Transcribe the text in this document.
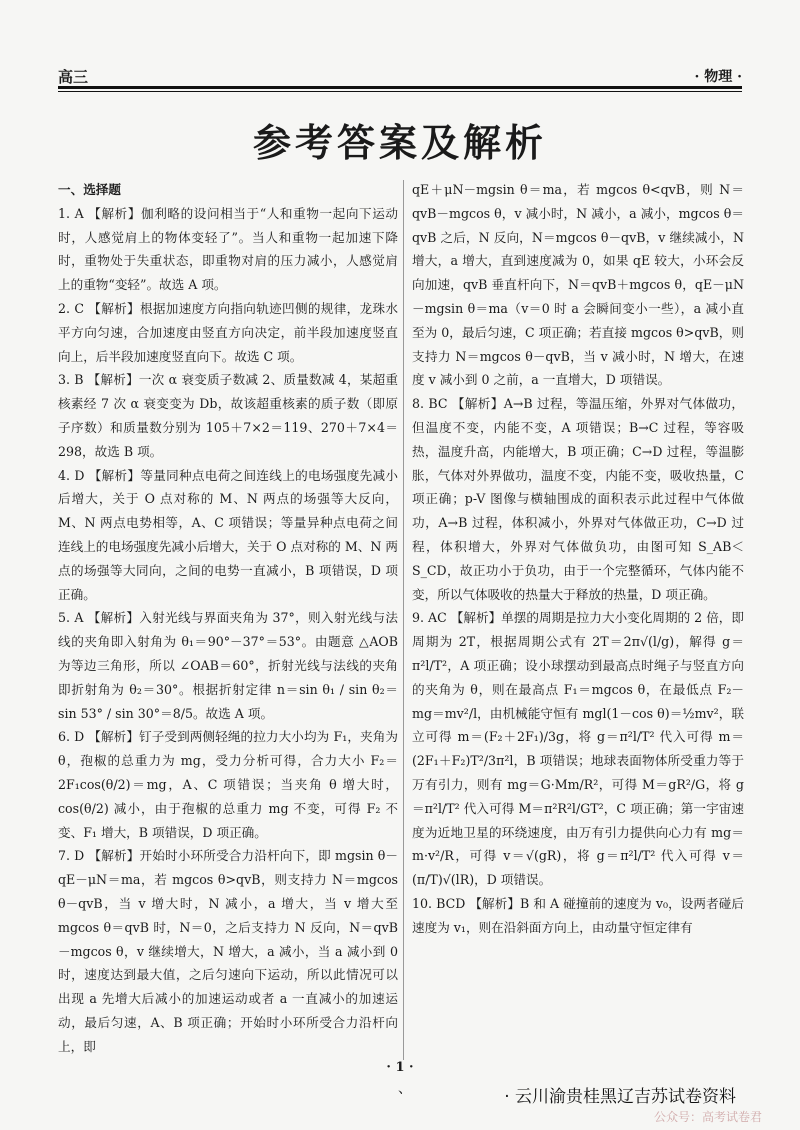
高三	· 物理 ·
参考答案及解析

一、选择题

1. A 【解析】伽利略的设问相当于“人和重物一起向下运动时，人感觉肩上的物体变轻了”。当人和重物一起加速下降时，重物处于失重状态，即重物对肩的压力减小，人感觉肩上的重物“变轻”。故选 A 项。

2. C 【解析】根据加速度方向指向轨迹凹侧的规律，龙珠水平方向匀速，合加速度由竖直方向决定，前半段加速度竖直向上，后半段加速度竖直向下。故选 C 项。

3. B 【解析】一次 α 衰变质子数减 2、质量数减 4，某超重核素经 7 次 α 衰变变为 Db，故该超重核素的质子数（即原子序数）和质量数分别为 105＋7×2＝119、270＋7×4＝298，故选 B 项。

4. D 【解析】等量同种点电荷之间连线上的电场强度先减小后增大，关于 O 点对称的 M、N 两点的场强等大反向，M、N 两点电势相等，A、C 项错误；等量异种点电荷之间连线上的电场强度先减小后增大，关于 O 点对称的 M、N 两点的场强等大同向，之间的电势一直减小，B 项错误，D 项正确。

5. A 【解析】入射光线与界面夹角为 37°，则入射光线与法线的夹角即入射角为 θ₁＝90°－37°＝53°。由题意 △AOB 为等边三角形，所以 ∠OAB＝60°，折射光线与法线的夹角即折射角为 θ₂＝30°。根据折射定律 n＝sin θ₁ / sin θ₂＝sin 53° / sin 30°＝8/5。故选 A 项。

6. D 【解析】钉子受到两侧轻绳的拉力大小均为 F₁，夹角为 θ，孢椒的总重力为 mg，受力分析可得，合力大小 F₂＝2F₁cos(θ/2)＝mg，A、C 项错误；当夹角 θ 增大时，cos(θ/2) 减小，由于孢椒的总重力 mg 不变，可得 F₂ 不变、F₁ 增大，B 项错误，D 项正确。

7. D 【解析】开始时小环所受合力沿杆向下，即 mgsin θ－qE－μN＝ma，若 mgcos θ>qvB，则支持力 N＝mgcos θ－qvB，当 v 增大时，N 减小，a 增大，当 v 增大至 mgcos θ＝qvB 时，N＝0，之后支持力 N 反向，N＝qvB－mgcos θ，v 继续增大，N 增大，a 减小，当 a 减小到 0 时，速度达到最大值，之后匀速向下运动，所以此情况可以出现 a 先增大后减小的加速运动或者 a 一直减小的加速运动，最后匀速，A、B 项正确；开始时小环所受合力沿杆向上，即

qE＋μN－mgsin θ＝ma，若 mgcos θ<qvB，则 N＝qvB－mgcos θ，v 减小时，N 减小，a 减小，mgcos θ＝qvB 之后，N 反向，N＝mgcos θ－qvB，v 继续减小，N 增大，a 增大，直到速度减为 0，如果 qE 较大，小环会反向加速，qvB 垂直杆向下，N＝qvB＋mgcos θ，qE－μN－mgsin θ＝ma（v＝0 时 a 会瞬间变小一些），a 减小直至为 0，最后匀速，C 项正确；若直接 mgcos θ>qvB，则支持力 N＝mgcos θ－qvB，当 v 减小时，N 增大，在速度 v 减小到 0 之前，a 一直增大，D 项错误。

8. BC 【解析】A→B 过程，等温压缩，外界对气体做功，但温度不变，内能不变，A 项错误；B→C 过程，等容吸热，温度升高，内能增大，B 项正确；C→D 过程，等温膨胀，气体对外界做功，温度不变，内能不变，吸收热量，C 项正确；p-V 图像与横轴围成的面积表示此过程中气体做功，A→B 过程，体积减小，外界对气体做正功，C→D 过程，体积增大，外界对气体做负功，由图可知 S_AB＜S_CD，故正功小于负功，由于一个完整循环，气体内能不变，所以气体吸收的热量大于释放的热量，D 项正确。

9. AC 【解析】单摆的周期是拉力大小变化周期的 2 倍，即周期为 2T，根据周期公式有 2T＝2π√(l/g)，解得 g＝π²l/T²，A 项正确；设小球摆动到最高点时绳子与竖直方向的夹角为 θ，则在最高点 F₁＝mgcos θ，在最低点 F₂－mg＝mv²/l，由机械能守恒有 mgl(1－cos θ)＝½mv²，联立可得 m＝(F₂＋2F₁)/3g，将 g＝π²l/T² 代入可得 m＝(2F₁＋F₂)T²/3π²l，B 项错误；地球表面物体所受重力等于万有引力，则有 mg＝G·Mm/R²，可得 M＝gR²/G，将 g＝π²l/T² 代入可得 M＝π²R²l/GT²，C 项正确；第一宇宙速度为近地卫星的环绕速度，由万有引力提供向心力有 mg＝m·v²/R，可得 v＝√(gR)，将 g＝π²l/T² 代入可得 v＝(π/T)√(lR)，D 项错误。

10. BCD 【解析】B 和 A 碰撞前的速度为 v₀，设两者碰后速度为 v₁，则在沿斜面方向上，由动量守恒定律有

· 1 ·
、	· 云川渝贵桂黑辽吉苏试卷资料
公众号：高考试卷君
